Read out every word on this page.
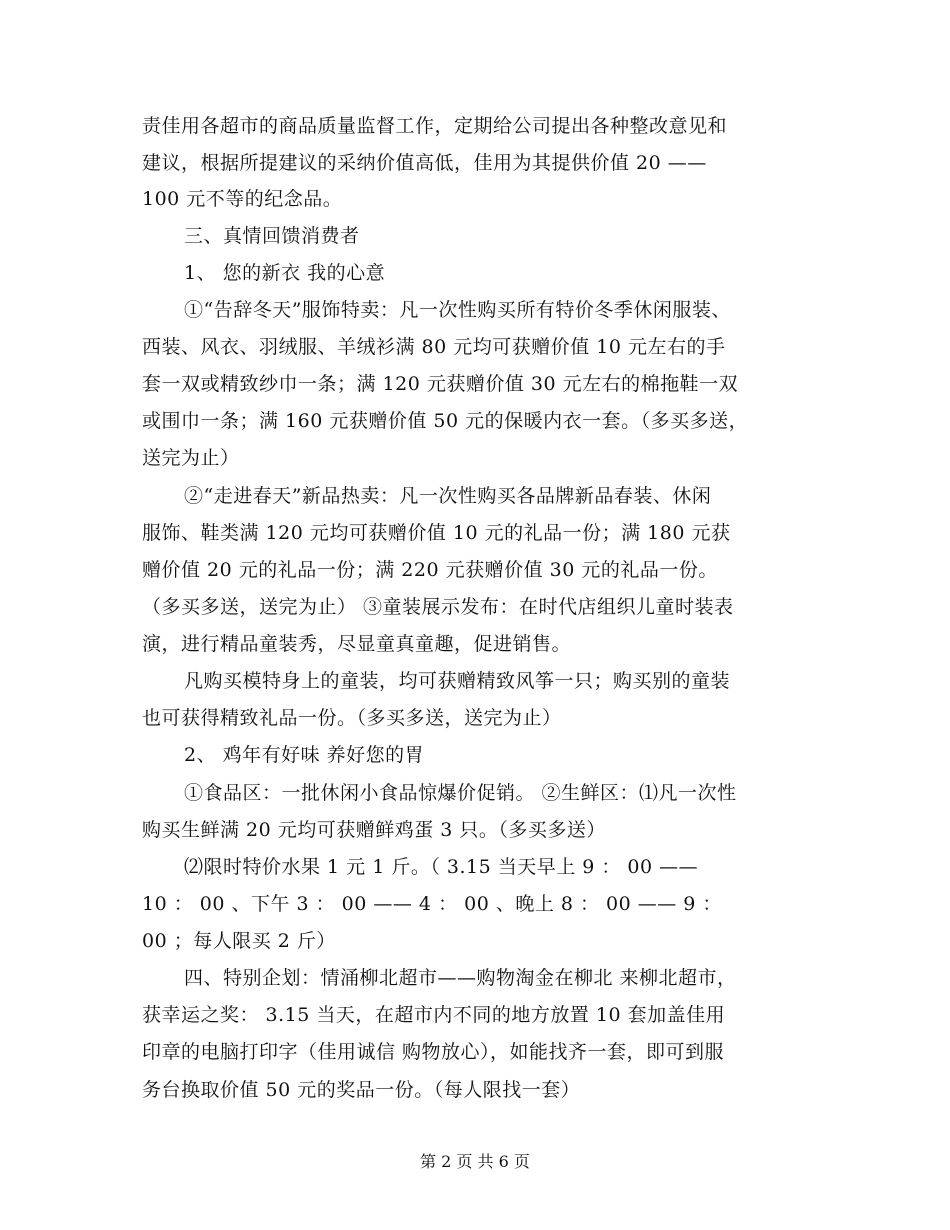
责佳用各超市的商品质量监督工作，定期给公司提出各种整改意见和
建议，根据所提建议的采纳价值高低，佳用为其提供价值 20 ——
100 元不等的纪念品。
三、真情回馈消费者
1、 您的新衣 我的心意
①“告辞冬天”服饰特卖：凡一次性购买所有特价冬季休闲服装、
西装、风衣、羽绒服、羊绒衫满 80 元均可获赠价值 10 元左右的手
套一双或精致纱巾一条；满 120 元获赠价值 30 元左右的棉拖鞋一双
或围巾一条；满 160 元获赠价值 50 元的保暖内衣一套。（多买多送，
送完为止）
②“走进春天”新品热卖：凡一次性购买各品牌新品春装、休闲
服饰、鞋类满 120 元均可获赠价值 10 元的礼品一份；满 180 元获
赠价值 20 元的礼品一份；满 220 元获赠价值 30 元的礼品一份。
（多买多送，送完为止） ③童装展示发布：在时代店组织儿童时装表
演，进行精品童装秀，尽显童真童趣，促进销售。
凡购买模特身上的童装，均可获赠精致风筝一只；购买别的童装
也可获得精致礼品一份。（多买多送，送完为止）
2、 鸡年有好味 养好您的胃
①食品区：一批休闲小食品惊爆价促销。 ②生鲜区：⑴凡一次性
购买生鲜满 20 元均可获赠鲜鸡蛋 3 只。（多买多送）
⑵限时特价水果 1 元 1 斤。（ 3.15 当天早上 9 ： 00 ——
10 ： 00 、下午 3 ： 00 —— 4 ： 00 、晚上 8 ： 00 —— 9 ：
00 ；每人限买 2 斤）
四、特别企划：情涌柳北超市——购物淘金在柳北 来柳北超市，
获幸运之奖： 3.15 当天，在超市内不同的地方放置 10 套加盖佳用
印章的电脑打印字（佳用诚信 购物放心），如能找齐一套，即可到服
务台换取价值 50 元的奖品一份。（每人限找一套）
第 2 页 共 6 页
